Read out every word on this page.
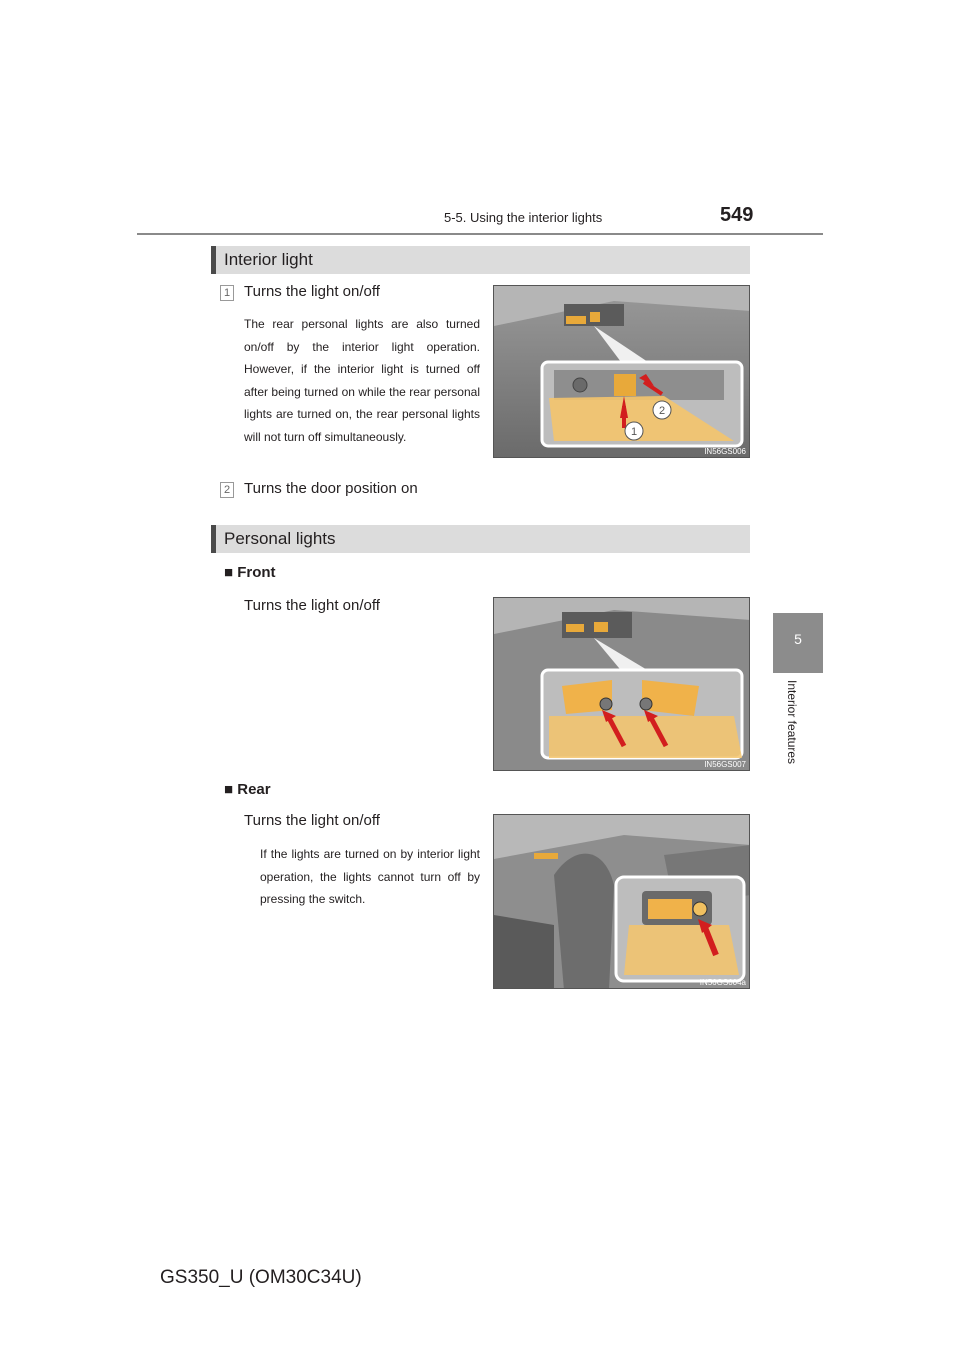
5-5. Using the interior lights	549
5
Interior features
Interior light
1 Turns the light on/off
The rear personal lights are also turned on/off by the interior light operation. However, if the interior light is turned off after being turned on while the rear personal lights are turned on, the rear personal lights will not turn off simultaneously.
2
1
IN56GS006
2 Turns the door position on
Personal lights
■ Front
Turns the light on/off
IN56GS007
■ Rear
Turns the light on/off
If the lights are turned on by interior light operation, the lights cannot turn off by pressing the switch.
IN56GS004a
GS350_U (OM30C34U)
